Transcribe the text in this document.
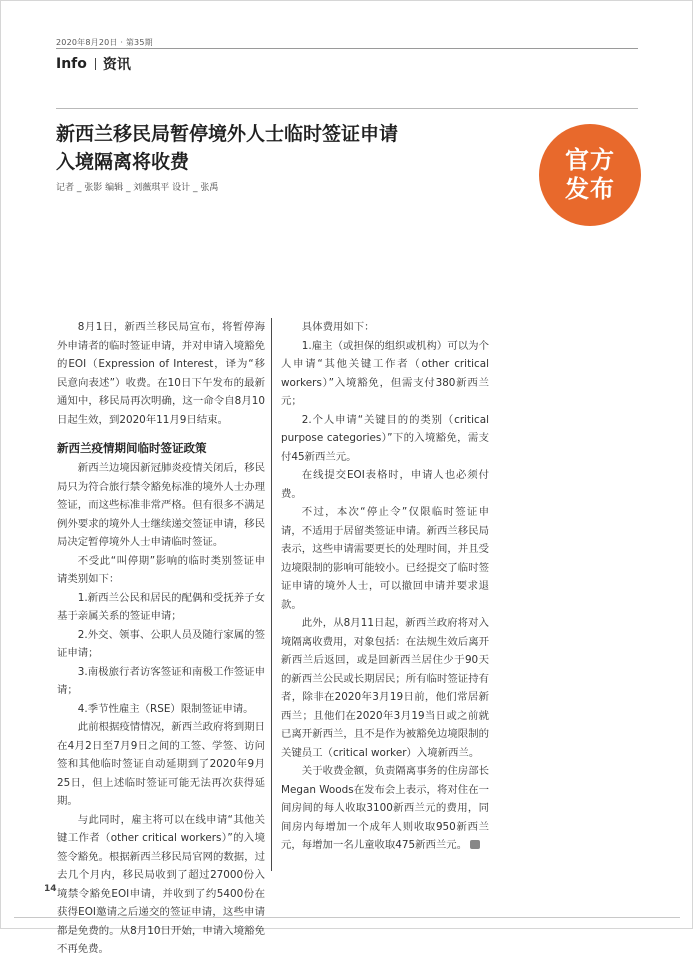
2020年8月20日 · 第35期
Info 资讯
新西兰移民局暂停境外人士临时签证申请
入境隔离将收费
记者 _ 张影 编辑 _ 刘薇琪平 设计 _ 张禹
官方
发布

8月1日，新西兰移民局宣布，将暂停海外申请者的临时签证申请，并对申请入境豁免的EOI（Expression of Interest，译为“移民意向表述”）收费。在10日下午发布的最新通知中，移民局再次明确，这一命令自8月10日起生效，到2020年11月9日结束。

新西兰疫情期间临时签证政策

新西兰边境因新冠肺炎疫情关闭后，移民局只为符合旅行禁令豁免标准的境外人士办理签证，而这些标准非常严格。但有很多不满足例外要求的境外人士继续递交签证申请，移民局决定暂停境外人士申请临时签证。

不受此“叫停期”影响的临时类别签证申请类别如下：

1.新西兰公民和居民的配偶和受抚养子女基于亲属关系的签证申请；

2.外交、领事、公职人员及随行家属的签证申请；

3.南极旅行者访客签证和南极工作签证申请；

4.季节性雇主（RSE）限制签证申请。

此前根据疫情情况，新西兰政府将到期日在4月2日至7月9日之间的工签、学签、访问签和其他临时签证自动延期到了2020年9月25日，但上述临时签证可能无法再次获得延期。

与此同时，雇主将可以在线申请“其他关键工作者（other critical workers）”的入境签令豁免。根据新西兰移民局官网的数据，过去几个月内，移民局收到了超过27000份入境禁令豁免EOI申请，并收到了约5400份在获得EOI邀请之后递交的签证申请，这些申请都是免费的。从8月10日开始，申请入境豁免不再免费。

具体费用如下：

1.雇主（或担保的组织或机构）可以为个人申请“其他关键工作者（other critical workers）”入境豁免，但需支付380新西兰元；

2.个人申请“关键目的的类别（critical purpose categories）”下的入境豁免，需支付45新西兰元。

在线提交EOI表格时，申请人也必须付费。

不过，本次“停止令”仅限临时签证申请，不适用于居留类签证申请。新西兰移民局表示，这些申请需要更长的处理时间，并且受边境限制的影响可能较小。已经提交了临时签证申请的境外人士，可以撤回申请并要求退款。

此外，从8月11日起，新西兰政府将对入境隔离收费用，对象包括：在法规生效后离开新西兰后返回，或是回新西兰居住少于90天的新西兰公民或长期居民；所有临时签证持有者，除非在2020年3月19日前，他们常居新西兰；且他们在2020年3月19当日或之前就已离开新西兰，且不是作为被豁免边境限制的关键员工（critical worker）入境新西兰。

关于收费金额，负责隔离事务的住房部长Megan Woods在发布会上表示，将对住在一间房间的每人收取3100新西兰元的费用，同间房内每增加一个成年人则收取950新西兰元，每增加一名儿童收取475新西兰元。

14
